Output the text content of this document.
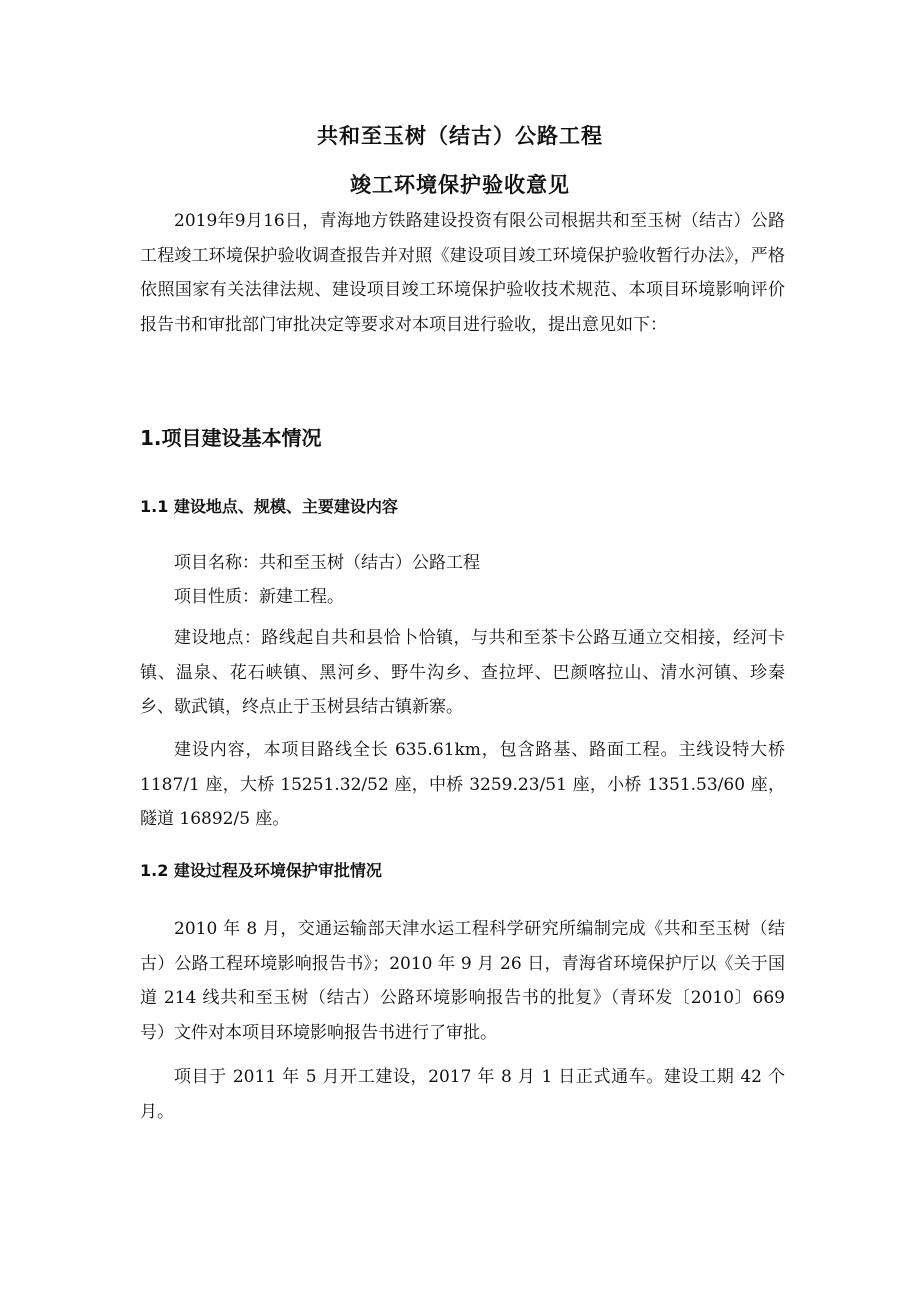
共和至玉树（结古）公路工程
竣工环境保护验收意见

2019年9月16日，青海地方铁路建设投资有限公司根据共和至玉树（结古）公路工程竣工环境保护验收调查报告并对照《建设项目竣工环境保护验收暂行办法》，严格依照国家有关法律法规、建设项目竣工环境保护验收技术规范、本项目环境影响评价报告书和审批部门审批决定等要求对本项目进行验收，提出意见如下：

1.项目建设基本情况
1.1 建设地点、规模、主要建设内容

项目名称：共和至玉树（结古）公路工程

项目性质：新建工程。

建设地点：路线起自共和县恰卜恰镇，与共和至茶卡公路互通立交相接，经河卡镇、温泉、花石峡镇、黑河乡、野牛沟乡、查拉坪、巴颜喀拉山、清水河镇、珍秦乡、歇武镇，终点止于玉树县结古镇新寨。

建设内容，本项目路线全长 635.61km，包含路基、路面工程。主线设特大桥 1187/1 座，大桥 15251.32/52 座，中桥 3259.23/51 座，小桥 1351.53/60 座，隧道 16892/5 座。

1.2 建设过程及环境保护审批情况

2010 年 8 月，交通运输部天津水运工程科学研究所编制完成《共和至玉树（结古）公路工程环境影响报告书》；2010 年 9 月 26 日，青海省环境保护厅以《关于国道 214 线共和至玉树（结古）公路环境影响报告书的批复》（青环发〔2010〕669 号）文件对本项目环境影响报告书进行了审批。

项目于 2011 年 5 月开工建设，2017 年 8 月 1 日正式通车。建设工期 42 个月。
